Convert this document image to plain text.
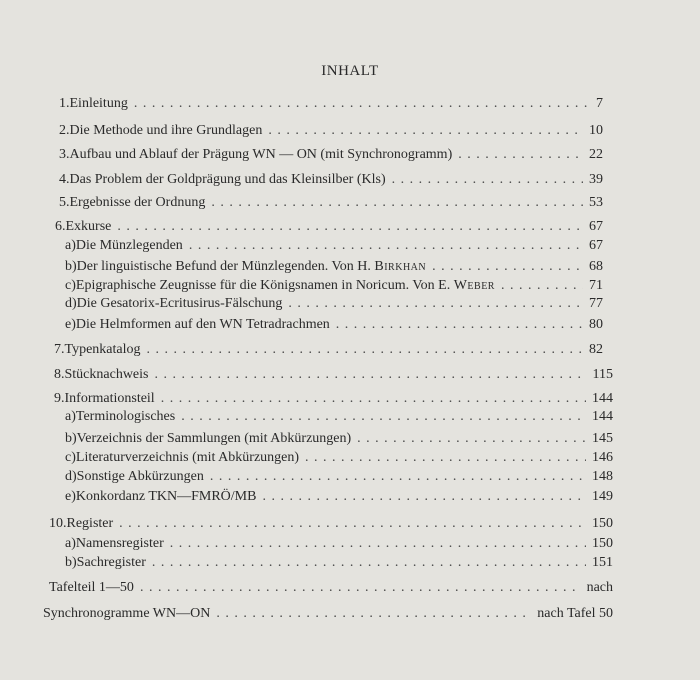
INHALT
1. Einleitung . . .	7
2. Die Methode und ihre Grundlagen . . .	10
3. Aufbau und Ablauf der Prägung WN — ON (mit Synchronogramm) . . .	22
4. Das Problem der Goldprägung und das Kleinsilber (Kls) . . .	39
5. Ergebnisse der Ordnung . . .	53
6. Exkurse . . .	67
a) Die Münzlegenden . . .	67
b) Der linguistische Befund der Münzlegenden. Von H. Birkhan . . .	68
c) Epigraphische Zeugnisse für die Königsnamen in Noricum. Von E. Weber . . .	71
d) Die Gesatorix-Ecritusirus-Fälschung . . .	77
e) Die Helmformen auf den WN Tetradrachmen . . .	80
7. Typenkatalog . . .	82
8. Stücknachweis . . .	115
9. Informationsteil . . .	144
a) Terminologisches . . .	144
b) Verzeichnis der Sammlungen (mit Abkürzungen) . . .	145
c) Literaturverzeichnis (mit Abkürzungen) . . .	146
d) Sonstige Abkürzungen . . .	148
e) Konkordanz TKN—FMRÖ/MB . . .	149
10. Register . . .	150
a) Namensregister . . .	150
b) Sachregister . . .	151
Tafelteil 1—50 . . .	nach
Synchronogramme WN—ON . . .	nach Tafel 50
